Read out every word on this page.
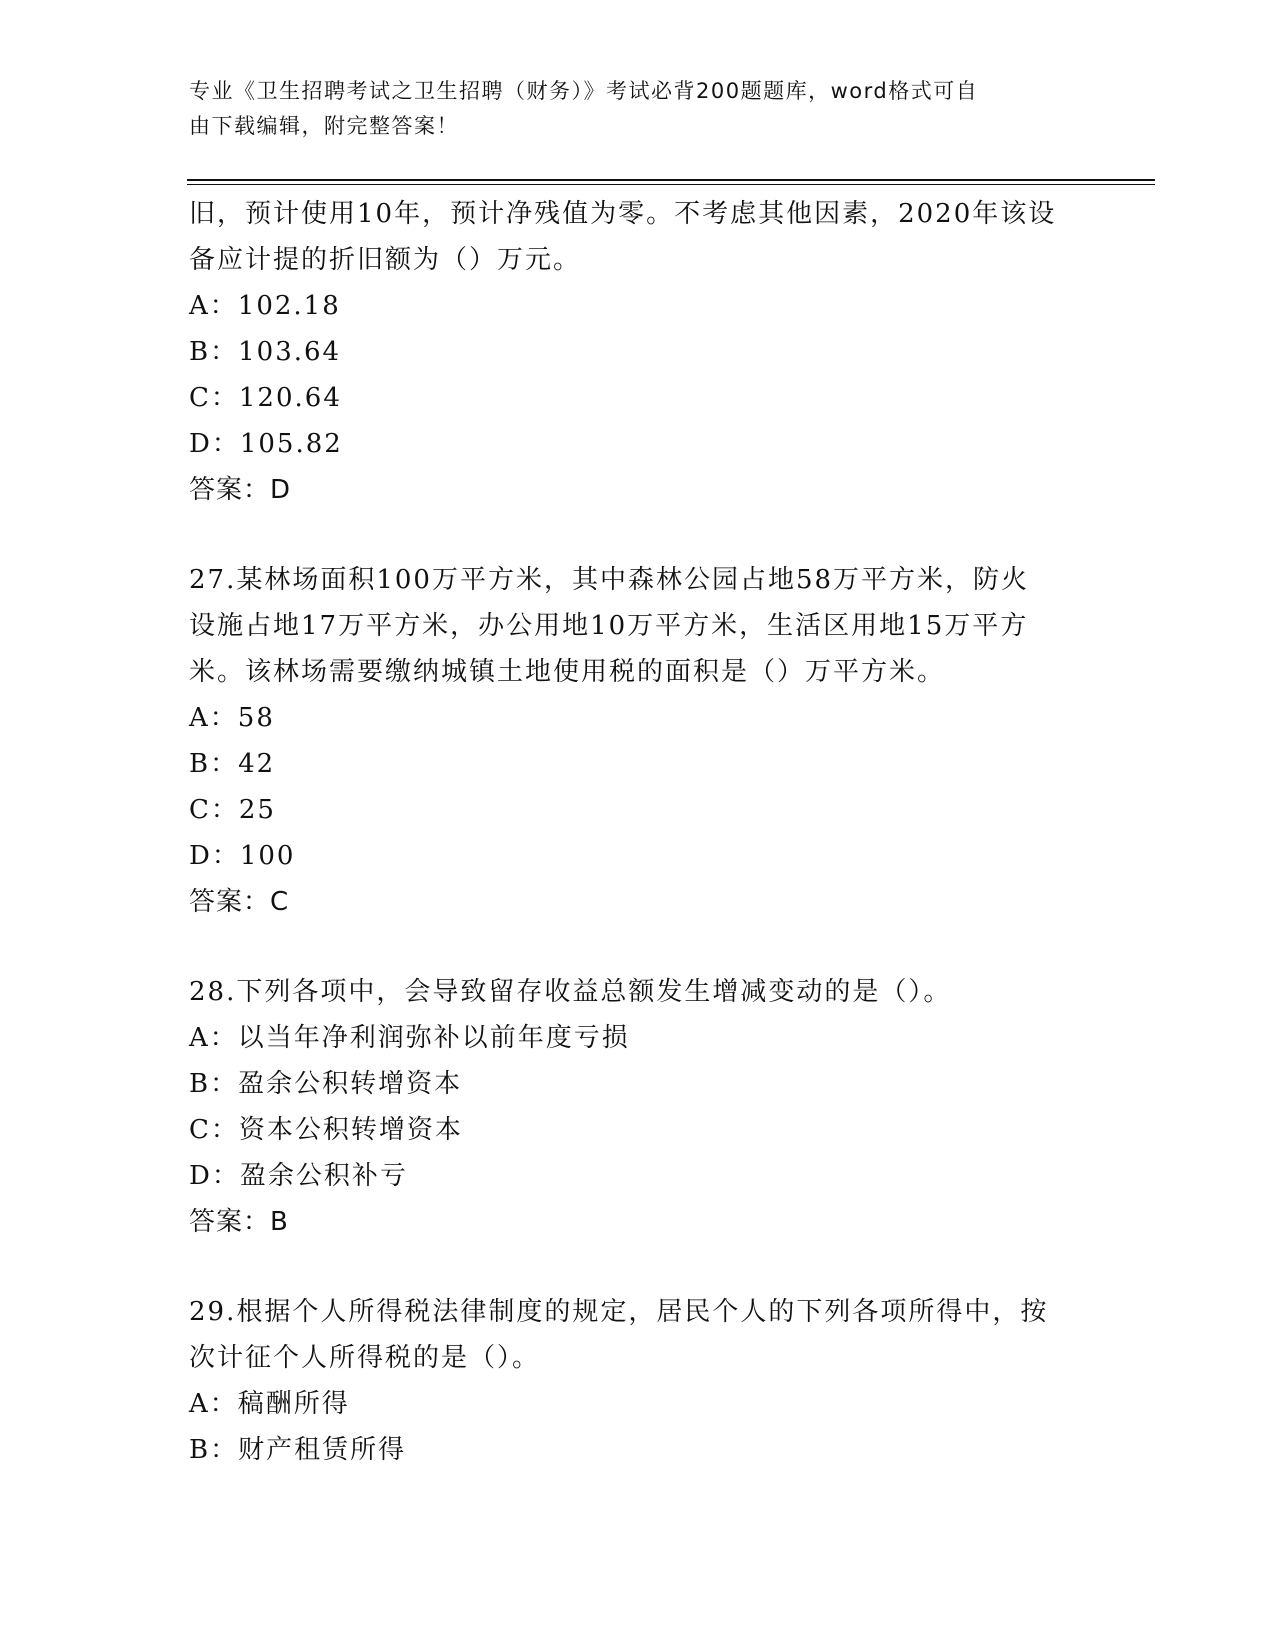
专业《卫生招聘考试之卫生招聘（财务）》考试必背200题题库，word格式可自
由下载编辑，附完整答案！
旧，预计使用10年，预计净残值为零。不考虑其他因素，2020年该设
备应计提的折旧额为（）万元。
A：102.18
B：103.64
C：120.64
D：105.82
答案：D
27.某林场面积100万平方米，其中森林公园占地58万平方米，防火
设施占地17万平方米，办公用地10万平方米，生活区用地15万平方
米。该林场需要缴纳城镇土地使用税的面积是（）万平方米。
A：58
B：42
C：25
D：100
答案：C
28.下列各项中，会导致留存收益总额发生增减变动的是（）。
A：以当年净利润弥补以前年度亏损
B：盈余公积转增资本
C：资本公积转增资本
D：盈余公积补亏
答案：B
29.根据个人所得税法律制度的规定，居民个人的下列各项所得中，按
次计征个人所得税的是（）。
A：稿酬所得
B：财产租赁所得
